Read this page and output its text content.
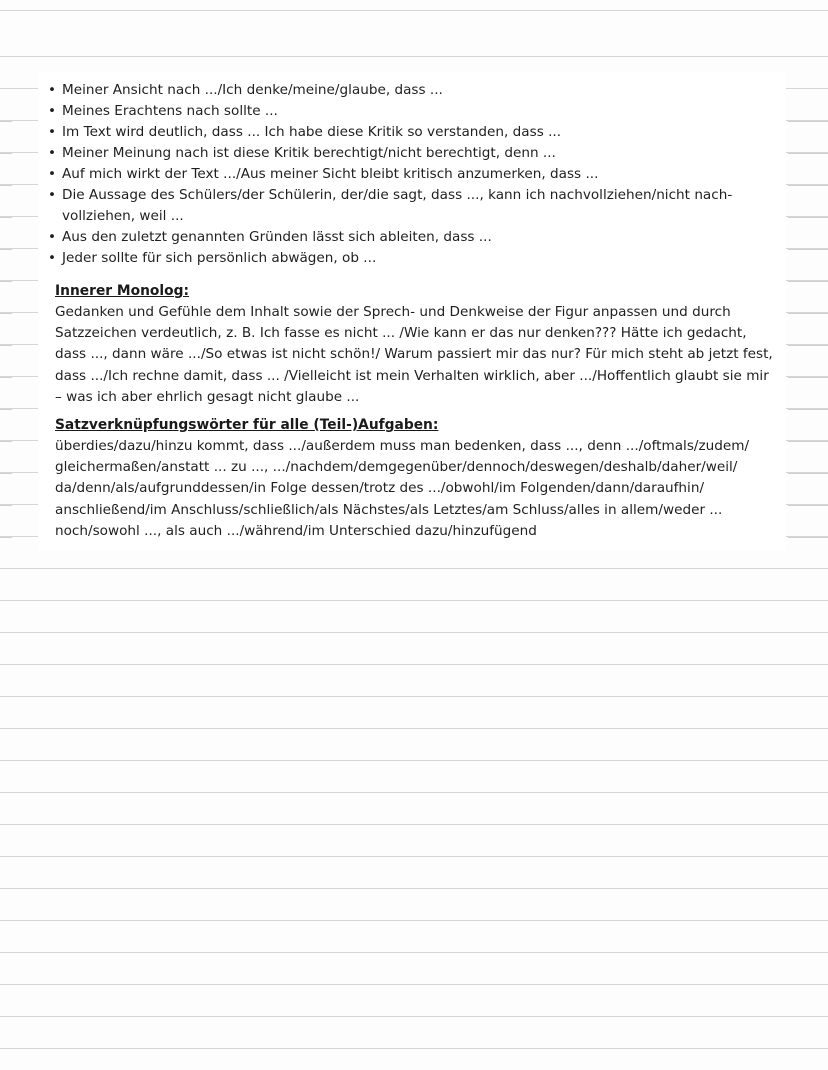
• Meiner Ansicht nach .../Ich denke/meine/glaube, dass ...
• Meines Erachtens nach sollte ...
• Im Text wird deutlich, dass ... Ich habe diese Kritik so verstanden, dass ...
• Meiner Meinung nach ist diese Kritik berechtigt/nicht berechtigt, denn ...
• Auf mich wirkt der Text .../Aus meiner Sicht bleibt kritisch anzumerken, dass ...
• Die Aussage des Schülers/der Schülerin, der/die sagt, dass ..., kann ich nachvollziehen/nicht nach-vollziehen, weil ...
• Aus den zuletzt genannten Gründen lässt sich ableiten, dass ...
• Jeder sollte für sich persönlich abwägen, ob ...
Innerer Monolog:

Gedanken und Gefühle dem Inhalt sowie der Sprech- und Denkweise der Figur anpassen und durch Satzzeichen verdeutlich, z. B. Ich fasse es nicht ... /Wie kann er das nur denken??? Hätte ich gedacht, dass ..., dann wäre .../So etwas ist nicht schön!/ Warum passiert mir das nur? Für mich steht ab jetzt fest, dass .../Ich rechne damit, dass ... /Vielleicht ist mein Verhalten wirklich, aber .../Hoffentlich glaubt sie mir – was ich aber ehrlich gesagt nicht glaube ...

Satzverknüpfungswörter für alle (Teil-)Aufgaben:

überdies/dazu/hinzu kommt, dass .../außerdem muss man bedenken, dass ..., denn .../oftmals/zudem/ gleichermaßen/anstatt ... zu ..., .../nachdem/demgegenüber/dennoch/deswegen/deshalb/daher/weil/ da/denn/als/aufgrunddessen/in Folge dessen/trotz des .../obwohl/im Folgenden/dann/daraufhin/ anschließend/im Anschluss/schließlich/als Nächstes/als Letztes/am Schluss/alles in allem/weder ... noch/sowohl ..., als auch .../während/im Unterschied dazu/hinzufügend
